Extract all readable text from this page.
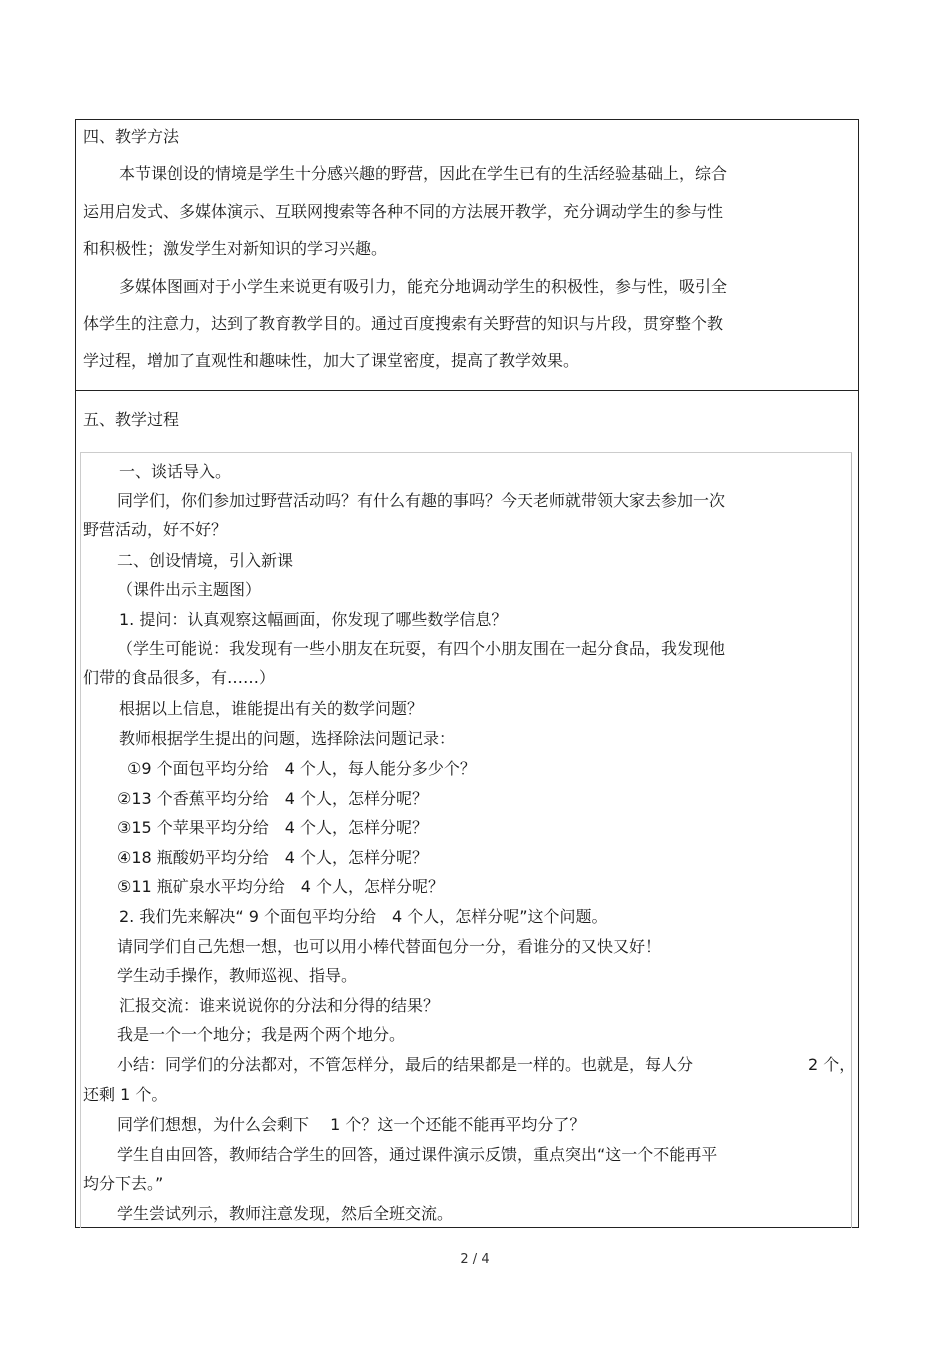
四、教学方法
本节课创设的情境是学生十分感兴趣的野营，因此在学生已有的生活经验基础上，综合
运用启发式、多媒体演示、互联网搜索等各种不同的方法展开教学，充分调动学生的参与性
和积极性；激发学生对新知识的学习兴趣。
多媒体图画对于小学生来说更有吸引力，能充分地调动学生的积极性，参与性，吸引全
体学生的注意力，达到了教育教学目的。通过百度搜索有关野营的知识与片段，贯穿整个教
学过程，增加了直观性和趣味性，加大了课堂密度，提高了教学效果。
五、教学过程
一、谈话导入。
同学们，你们参加过野营活动吗？有什么有趣的事吗？今天老师就带领大家去参加一次
野营活动，好不好？
二、创设情境，引入新课
（课件出示主题图）
1. 提问：认真观察这幅画面，你发现了哪些数学信息？
（学生可能说：我发现有一些小朋友在玩耍，有四个小朋友围在一起分食品，我发现他
们带的食品很多，有……）
根据以上信息，谁能提出有关的数学问题？
教师根据学生提出的问题，选择除法问题记录：
①9 个面包平均分给　4 个人，每人能分多少个？
②13 个香蕉平均分给　4 个人，怎样分呢？
③15 个苹果平均分给　4 个人，怎样分呢？
④18 瓶酸奶平均分给　4 个人，怎样分呢？
⑤11 瓶矿泉水平均分给　4 个人，怎样分呢？
2. 我们先来解决“ 9 个面包平均分给　4 个人，怎样分呢”这个问题。
请同学们自己先想一想，也可以用小棒代替面包分一分，看谁分的又快又好！
学生动手操作，教师巡视、指导。
汇报交流：谁来说说你的分法和分得的结果？
我是一个一个地分；我是两个两个地分。
小结：同学们的分法都对，不管怎样分，最后的结果都是一样的。也就是，每人分	2 个，
还剩 1 个。
同学们想想，为什么会剩下　 1 个？这一个还能不能再平均分了？
学生自由回答，教师结合学生的回答，通过课件演示反馈，重点突出“这一个不能再平
均分下去。”
学生尝试列示，教师注意发现，然后全班交流。
2 / 4
